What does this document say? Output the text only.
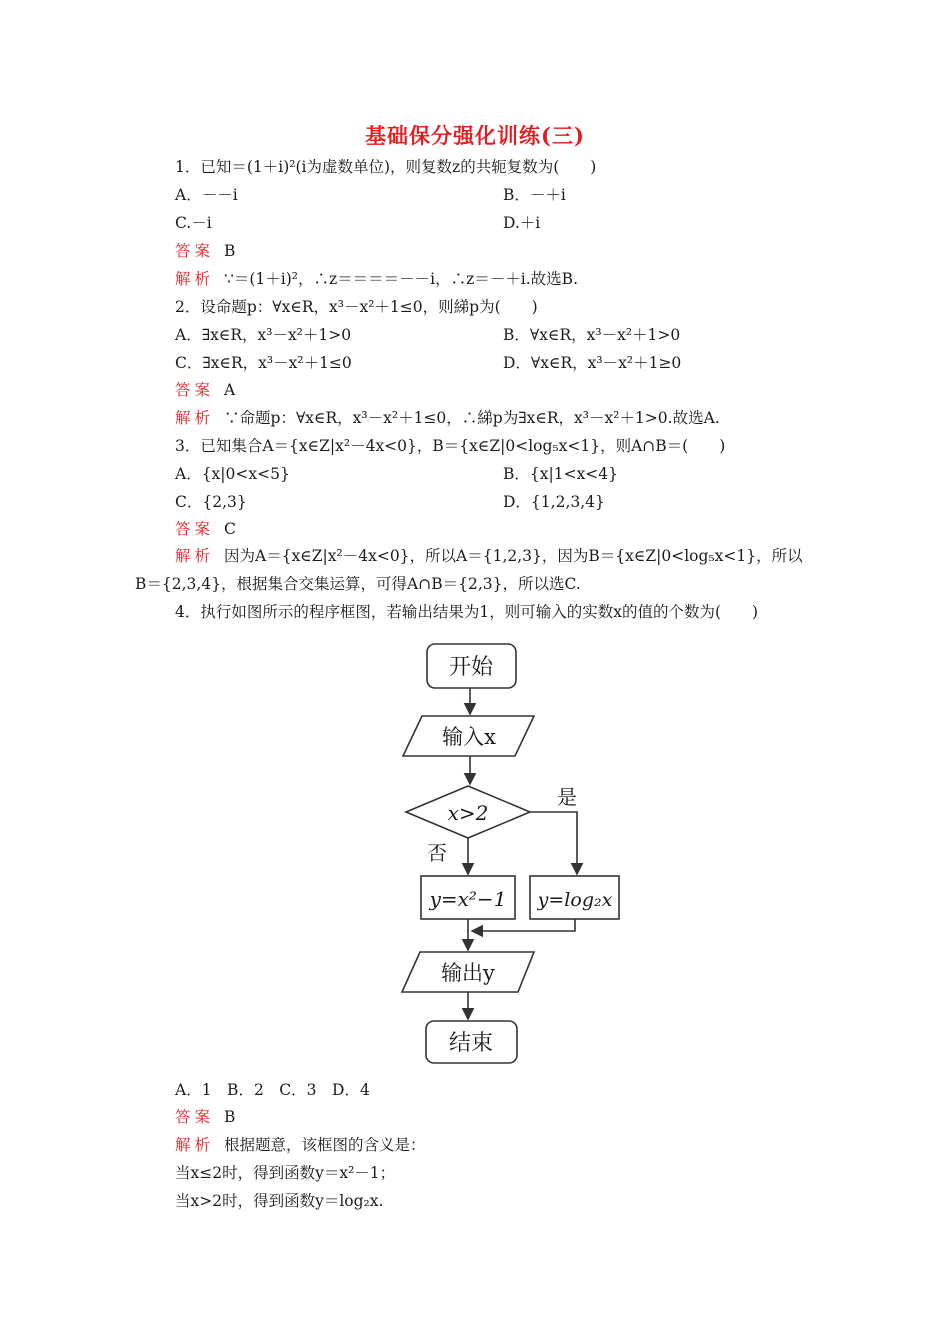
基础保分强化训练(三)
1．已知＝(1＋i)²(i为虚数单位)，则复数z的共轭复数为(　　)
A．－－i	B．－＋i
C.－i	D.＋i
答案 B
解析 ∵＝(1＋i)²，∴z＝＝＝＝－－i，∴z＝－＋i.故选B.
2．设命题p：∀x∈R，x³－x²＋1≤0，则綈p为(　　)
A．∃x∈R，x³－x²＋1>0	B．∀x∈R，x³－x²＋1>0
C．∃x∈R，x³－x²＋1≤0	D．∀x∈R，x³－x²＋1≥0
答案 A
解析 ∵命题p：∀x∈R，x³－x²＋1≤0，∴綈p为∃x∈R，x³－x²＋1>0.故选A.
3．已知集合A＝{x∈Z|x²－4x<0}，B＝{x∈Z|0<log₅x<1}，则A∩B＝(　　)
A．{x|0<x<5}	B．{x|1<x<4}
C．{2,3}	D．{1,2,3,4}
答案 C
解析 因为A＝{x∈Z|x²－4x<0}，所以A＝{1,2,3}，因为B＝{x∈Z|0<log₅x<1}，所以
B＝{2,3,4}，根据集合交集运算，可得A∩B＝{2,3}，所以选C.
4．执行如图所示的程序框图，若输出结果为1，则可输入的实数x的值的个数为(　　)
开始
输入x
x>2
是
否
y=x²−1 y=log₂x
输出y
结束
A．1　B．2　C．3　D．4
答案 B
解析 根据题意，该框图的含义是：
当x≤2时，得到函数y＝x²－1；
当x>2时，得到函数y＝log₂x.
